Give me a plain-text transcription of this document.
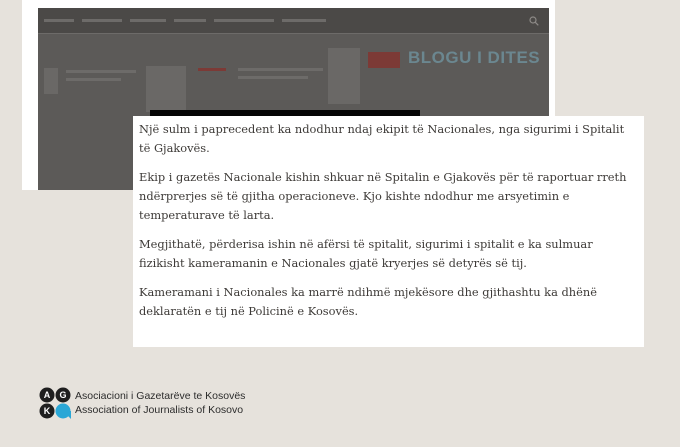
BLOGU I DITES

Një sulm i paprecedent ka ndodhur ndaj ekipit të Nacionales, nga sigurimi i Spitalit të Gjakovës.

Ekip i gazetës Nacionale kishin shkuar në Spitalin e Gjakovës për të raportuar rreth ndërprerjes së të gjitha operacioneve. Kjo kishte ndodhur me arsyetimin e temperaturave të larta.

Megjithatë, përderisa ishin në afërsi të spitalit, sigurimi i spitalit e ka sulmuar fizikisht kameramanin e Nacionales gjatë kryerjes së detyrës së tij.

Kameramani i Nacionales ka marrë ndihmë mjekësore dhe gjithashtu ka dhënë deklaratën e tij në Policinë e Kosovës.

A G
K
Asociacioni i Gazetarëve te Kosovës
Association of Journalists of Kosovo
